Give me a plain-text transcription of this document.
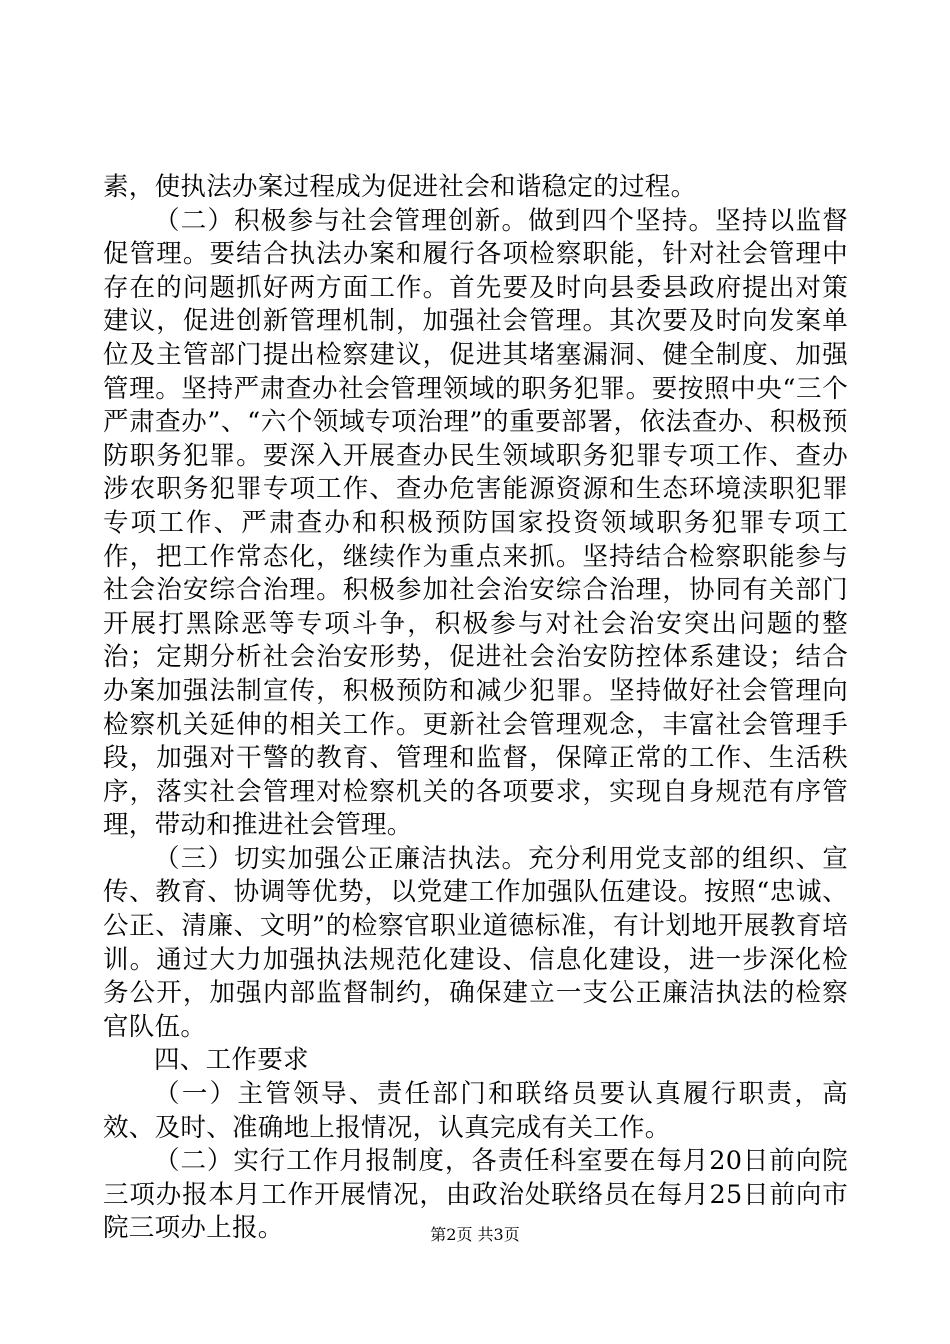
素，使执法办案过程成为促进社会和谐稳定的过程。

（二）积极参与社会管理创新。做到四个坚持。坚持以监督促管理。要结合执法办案和履行各项检察职能，针对社会管理中存在的问题抓好两方面工作。首先要及时向县委县政府提出对策建议，促进创新管理机制，加强社会管理。其次要及时向发案单位及主管部门提出检察建议，促进其堵塞漏洞、健全制度、加强管理。坚持严肃查办社会管理领域的职务犯罪。要按照中央“三个严肃查办”、“六个领域专项治理”的重要部署，依法查办、积极预防职务犯罪。要深入开展查办民生领域职务犯罪专项工作、查办涉农职务犯罪专项工作、查办危害能源资源和生态环境渎职犯罪专项工作、严肃查办和积极预防国家投资领域职务犯罪专项工作，把工作常态化，继续作为重点来抓。坚持结合检察职能参与社会治安综合治理。积极参加社会治安综合治理，协同有关部门开展打黑除恶等专项斗争，积极参与对社会治安突出问题的整治；定期分析社会治安形势，促进社会治安防控体系建设；结合办案加强法制宣传，积极预防和减少犯罪。坚持做好社会管理向检察机关延伸的相关工作。更新社会管理观念，丰富社会管理手段，加强对干警的教育、管理和监督，保障正常的工作、生活秩序，落实社会管理对检察机关的各项要求，实现自身规范有序管理，带动和推进社会管理。

（三）切实加强公正廉洁执法。充分利用党支部的组织、宣传、教育、协调等优势，以党建工作加强队伍建设。按照“忠诚、公正、清廉、文明”的检察官职业道德标准，有计划地开展教育培训。通过大力加强执法规范化建设、信息化建设，进一步深化检务公开，加强内部监督制约，确保建立一支公正廉洁执法的检察官队伍。

四、工作要求

（一）主管领导、责任部门和联络员要认真履行职责，高效、及时、准确地上报情况，认真完成有关工作。

（二）实行工作月报制度，各责任科室要在每月20日前向院三项办报本月工作开展情况，由政治处联络员在每月25日前向市院三项办上报。	第2页 共3页
